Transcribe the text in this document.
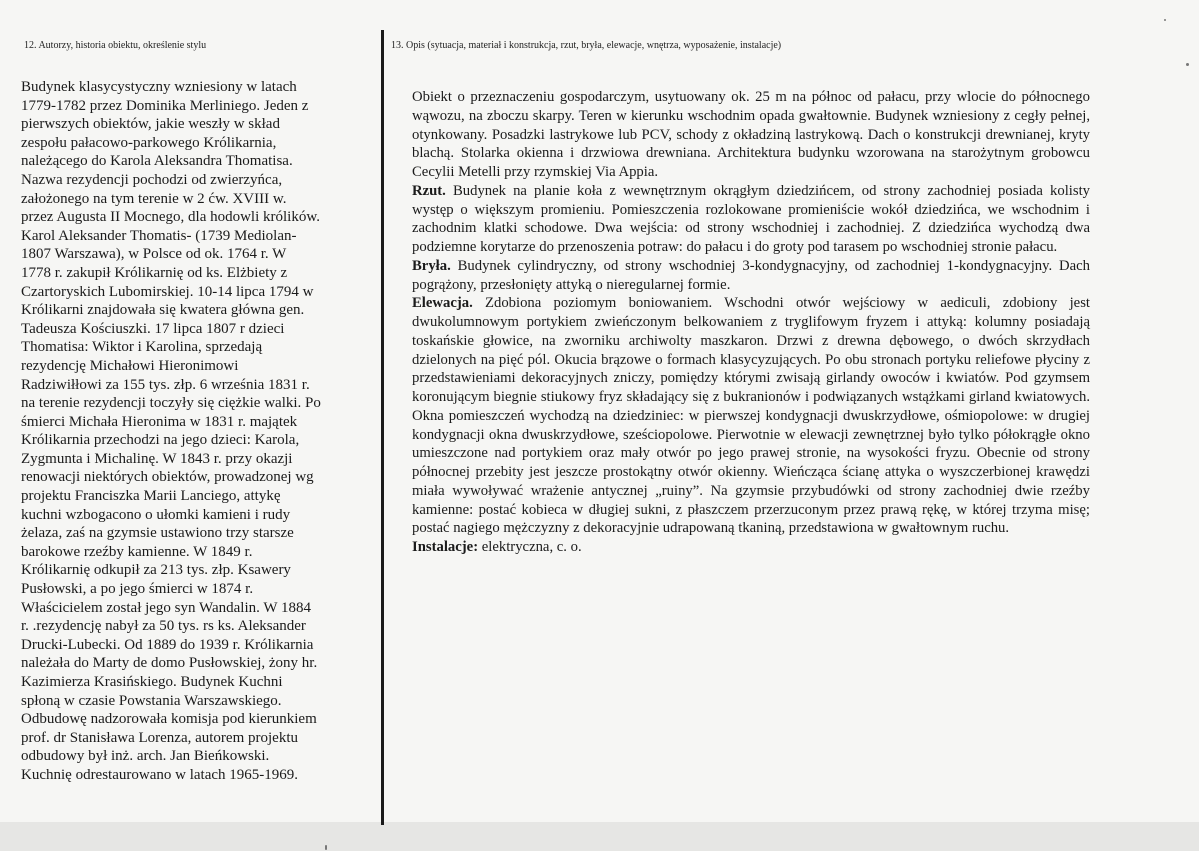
12. Autorzy, historia obiektu, określenie stylu	13. Opis (sytuacja, materiał i konstrukcja, rzut, bryła, elewacje, wnętrza, wyposażenie, instalacje)
Budynek klasycystyczny wzniesiony w latach
1779-1782 przez Dominika Merliniego. Jeden z
pierwszych obiektów, jakie weszły w skład
zespołu pałacowo-parkowego Królikarnia,
należącego do Karola Aleksandra Thomatisa.
Nazwa rezydencji pochodzi od zwierzyńca,
założonego na tym terenie w 2 ćw. XVIII w.
przez Augusta II Mocnego, dla hodowli królików.
Karol Aleksander Thomatis- (1739 Mediolan-
1807 Warszawa), w Polsce od ok. 1764 r. W
1778 r. zakupił Królikarnię od ks. Elżbiety z
Czartoryskich Lubomirskiej. 10-14 lipca 1794 w
Królikarni znajdowała się kwatera główna gen.
Tadeusza Kościuszki. 17 lipca 1807 r dzieci
Thomatisa: Wiktor i Karolina, sprzedają
rezydencję Michałowi Hieronimowi
Radziwiłłowi za 155 tys. złp. 6 września 1831 r.
na terenie rezydencji toczyły się ciężkie walki. Po
śmierci Michała Hieronima w 1831 r. majątek
Królikarnia przechodzi na jego dzieci: Karola,
Zygmunta i Michalinę. W 1843 r. przy okazji
renowacji niektórych obiektów, prowadzonej wg
projektu Franciszka Marii Lanciego, attykę
kuchni wzbogacono o ułomki kamieni i rudy
żelaza, zaś na gzymsie ustawiono trzy starsze
barokowe rzeźby kamienne. W 1849 r.
Królikarnię odkupił za 213 tys. złp. Ksawery
Pusłowski, a po jego śmierci w 1874 r.
Właścicielem został jego syn Wandalin. W 1884
r. .rezydencję nabył za 50 tys. rs ks. Aleksander
Drucki-Lubecki. Od 1889 do 1939 r. Królikarnia
należała do Marty de domo Pusłowskiej, żony hr.
Kazimierza Krasińskiego. Budynek Kuchni
spłoną w czasie Powstania Warszawskiego.
Odbudowę nadzorowała komisja pod kierunkiem
prof. dr Stanisława Lorenza, autorem projektu
odbudowy był inż. arch. Jan Bieńkowski.
Kuchnię odrestaurowano w latach 1965-1969.

Obiekt o przeznaczeniu gospodarczym, usytuowany ok. 25 m na północ od pałacu, przy wlocie do północnego wąwozu, na zboczu skarpy. Teren w kierunku wschodnim opada gwałtownie. Budynek wzniesiony z cegły pełnej, otynkowany. Posadzki lastrykowe lub PCV, schody z okładziną lastrykową. Dach o konstrukcji drewnianej, kryty blachą. Stolarka okienna i drzwiowa drewniana. Architektura budynku wzorowana na starożytnym grobowcu Cecylii Metelli przy rzymskiej Via Appia.

Rzut. Budynek na planie koła z wewnętrznym okrągłym dziedzińcem, od strony zachodniej posiada kolisty występ o większym promieniu. Pomieszczenia rozlokowane promieniście wokół dziedzińca, we wschodnim i zachodnim klatki schodowe. Dwa wejścia: od strony wschodniej i zachodniej. Z dziedzińca wychodzą dwa podziemne korytarze do przenoszenia potraw: do pałacu i do groty pod tarasem po wschodniej stronie pałacu.

Bryła. Budynek cylindryczny, od strony wschodniej 3-kondygnacyjny, od zachodniej 1-kondygnacyjny. Dach pogrążony, przesłonięty attyką o nieregularnej formie.

Elewacja. Zdobiona poziomym boniowaniem. Wschodni otwór wejściowy w aediculi, zdobiony jest dwukolumnowym portykiem zwieńczonym belkowaniem z tryglifowym fryzem i attyką: kolumny posiadają toskańskie głowice, na zworniku archiwolty maszkaron. Drzwi z drewna dębowego, o dwóch skrzydłach dzielonych na pięć pól. Okucia brązowe o formach klasycyzujących. Po obu stronach portyku reliefowe płyciny z przedstawieniami dekoracyjnych zniczy, pomiędzy którymi zwisają girlandy owoców i kwiatów. Pod gzymsem koronującym biegnie stiukowy fryz składający się z bukranionów i podwiązanych wstążkami girland kwiatowych. Okna pomieszczeń wychodzą na dziedziniec: w pierwszej kondygnacji dwuskrzydłowe, ośmiopolowe: w drugiej kondygnacji okna dwuskrzydłowe, sześciopolowe. Pierwotnie w elewacji zewnętrznej było tylko półokrągłe okno umieszczone nad portykiem oraz mały otwór po jego prawej stronie, na wysokości fryzu. Obecnie od strony północnej przebity jest jeszcze prostokątny otwór okienny. Wieńcząca ścianę attyka o wyszczerbionej krawędzi miała wywoływać wrażenie antycznej „ruiny”. Na gzymsie przybudówki od strony zachodniej dwie rzeźby kamienne: postać kobieca w długiej sukni, z płaszczem przerzuconym przez prawą rękę, w której trzyma misę; postać nagiego mężczyzny z dekoracyjnie udrapowaną tkaniną, przedstawiona w gwałtownym ruchu.

Instalacje: elektryczna, c. o.
